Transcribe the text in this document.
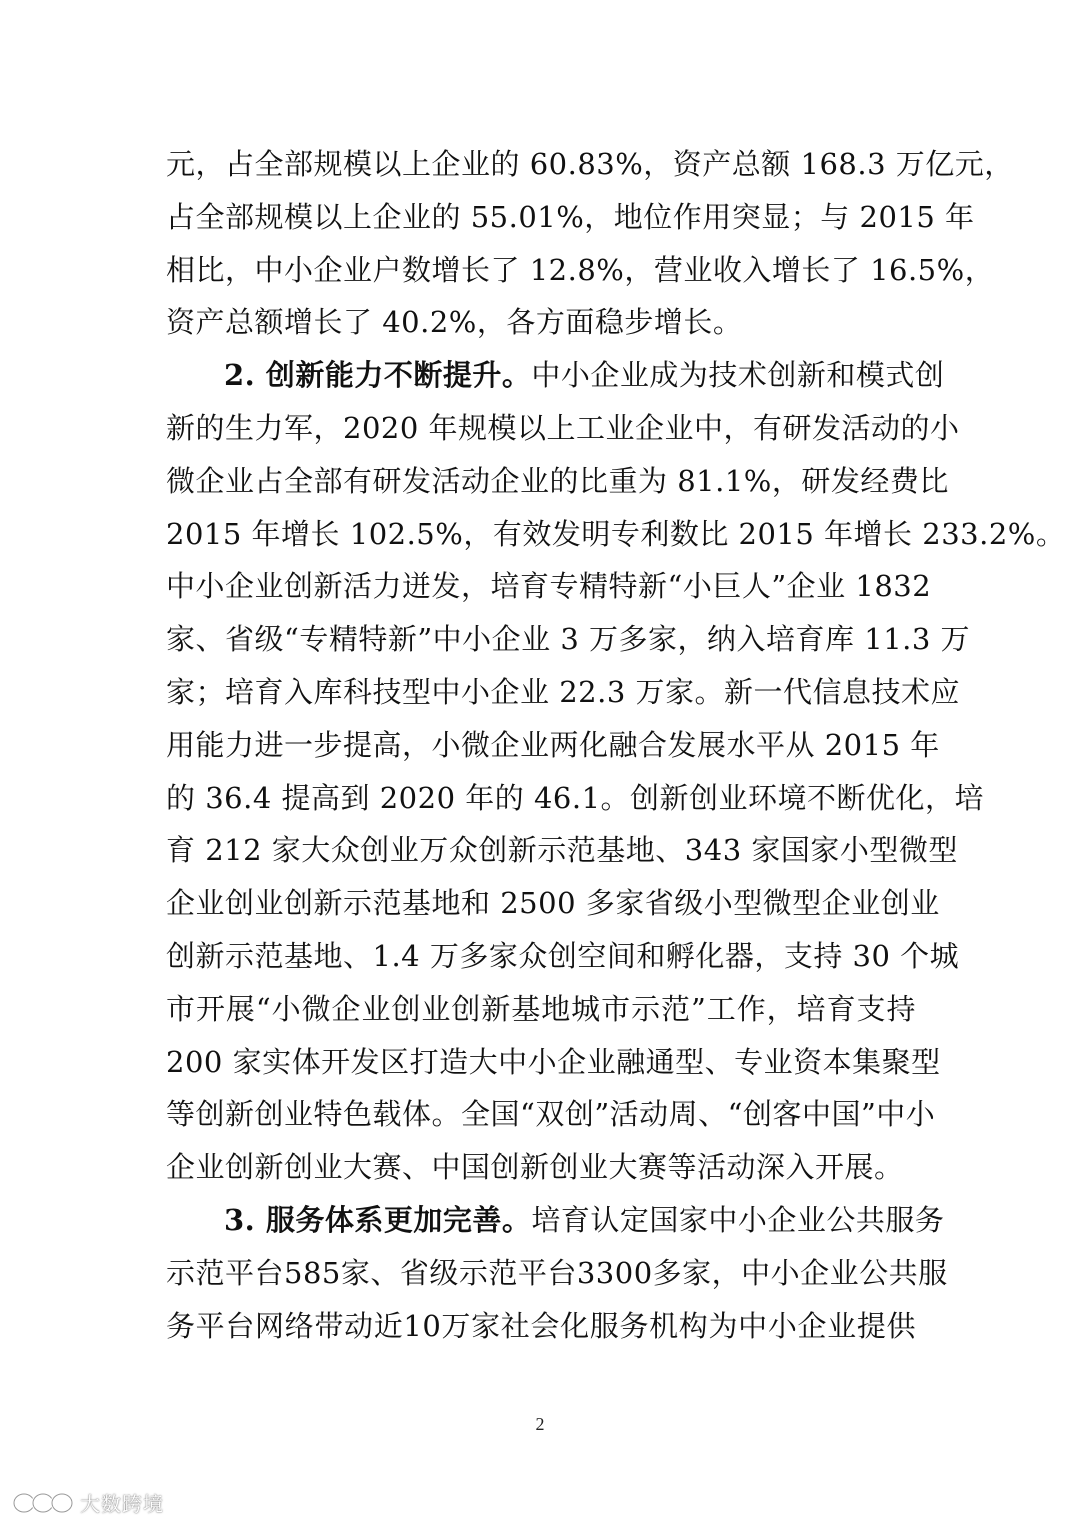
元，占全部规模以上企业的 60.83%，资产总额 168.3 万亿元，
占全部规模以上企业的 55.01%，地位作用突显；与 2015 年
相比，中小企业户数增长了 12.8%，营业收入增长了 16.5%，
资产总额增长了 40.2%，各方面稳步增长。

2. 创新能力不断提升。中小企业成为技术创新和模式创
新的生力军，2020 年规模以上工业企业中，有研发活动的小
微企业占全部有研发活动企业的比重为 81.1%，研发经费比
2015 年增长 102.5%，有效发明专利数比 2015 年增长 233.2%。
中小企业创新活力迸发，培育专精特新“小巨人”企业 1832
家、省级“专精特新”中小企业 3 万多家，纳入培育库 11.3 万
家；培育入库科技型中小企业 22.3 万家。新一代信息技术应
用能力进一步提高，小微企业两化融合发展水平从 2015 年
的 36.4 提高到 2020 年的 46.1。创新创业环境不断优化，培
育 212 家大众创业万众创新示范基地、343 家国家小型微型
企业创业创新示范基地和 2500 多家省级小型微型企业创业
创新示范基地、1.4 万多家众创空间和孵化器，支持 30 个城
市开展“小微企业创业创新基地城市示范”工作，培育支持
200 家实体开发区打造大中小企业融通型、专业资本集聚型
等创新创业特色载体。全国“双创”活动周、“创客中国”中小
企业创新创业大赛、中国创新创业大赛等活动深入开展。

3. 服务体系更加完善。培育认定国家中小企业公共服务
示范平台585家、省级示范平台3300多家，中小企业公共服
务平台网络带动近10万家社会化服务机构为中小企业提供

2
大数跨境
